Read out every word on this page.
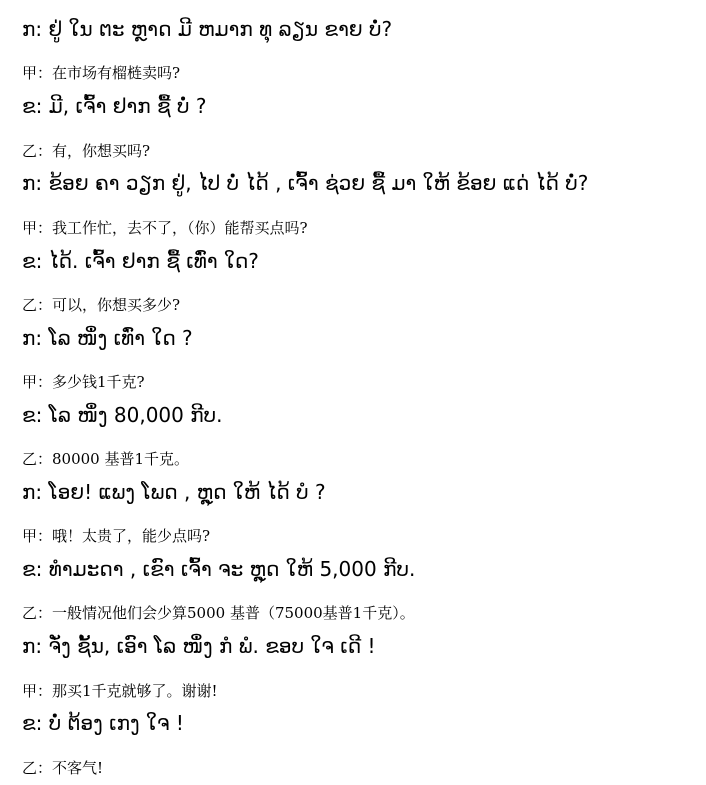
ກ: ຢູ່ ໃນ ຕະ ຫຼາດ ມີ ຫມາກ ທຸ ລຽນ ຂາຍ ບໍ່?
甲：在市场有榴梿卖吗?
ຂ: ມີ, ເຈົ້າ ຢາກ ຊື້ ບໍ່ ?
乙：有，你想买吗?
ກ: ຂ້ອຍ ຄາ ວຽກ ຢູ່, ໄປ ບໍ່ ໄດ້ , ເຈົ້າ ຊ່ວຍ ຊື້ ມາ ໃຫ້ ຂ້ອຍ ແດ່ ໄດ້ ບໍ່?
甲：我工作忙，去不了，（你）能帮买点吗?
ຂ: ໄດ້. ເຈົ້າ ຢາກ ຊື້ ເທົ່າ ໃດ?
乙：可以，你想买多少?
ກ: ໂລ ໜຶ່ງ ເທົ່າ ໃດ ?
甲：多少钱1千克?
ຂ: ໂລ ໜຶ່ງ 80,000 ກີບ.
乙：80000 基普1千克。
ກ: ໂອຍ! ແພງ ໂພດ , ຫຼຸດ ໃຫ້ ໄດ້ ບໍ ?
甲：哦！太贵了，能少点吗?
ຂ: ທຳມະດາ , ເຂົາ ເຈົ້າ ຈະ ຫຼຸດ ໃຫ້ 5,000 ກີບ.
乙：一般情况他们会少算5000 基普（75000基普1千克）。
ກ: ຈັ່ງ ຊັ້ນ, ເອົາ ໂລ ໜຶ່ງ ກໍ ພໍ. ຂອບ ໃຈ ເດີ !
甲：那买1千克就够了。谢谢!
ຂ: ບໍ່ ຕ້ອງ ເກງ ໃຈ !
乙：不客气!
